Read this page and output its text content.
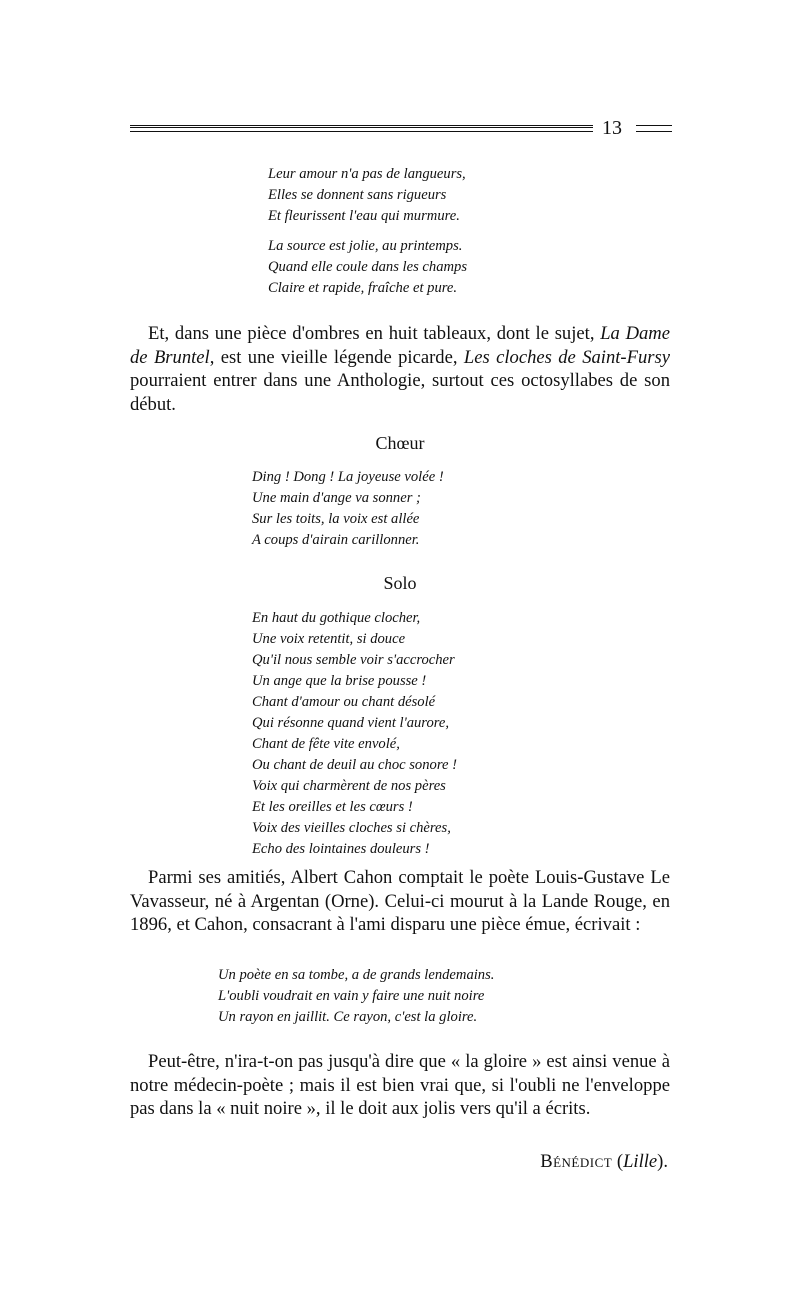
13
Leur amour n'a pas de langueurs,
Elles se donnent sans rigueurs
Et fleurissent l'eau qui murmure.
La source est jolie, au printemps.
Quand elle coule dans les champs
Claire et rapide, fraîche et pure.

Et, dans une pièce d'ombres en huit tableaux, dont le sujet, La Dame de Bruntel, est une vieille légende picarde, Les cloches de Saint-Fursy pourraient entrer dans une Anthologie, surtout ces octosyllabes de son début.

Chœur
Ding ! Dong ! La joyeuse volée !
Une main d'ange va sonner ;
Sur les toits, la voix est allée
A coups d'airain carillonner.
Solo
En haut du gothique clocher,
Une voix retentit, si douce
Qu'il nous semble voir s'accrocher
Un ange que la brise pousse !
Chant d'amour ou chant désolé
Qui résonne quand vient l'aurore,
Chant de fête vite envolé,
Ou chant de deuil au choc sonore !
Voix qui charmèrent de nos pères
Et les oreilles et les cœurs !
Voix des vieilles cloches si chères,
Echo des lointaines douleurs !

Parmi ses amitiés, Albert Cahon comptait le poète Louis-Gustave Le Vavasseur, né à Argentan (Orne). Celui-ci mourut à la Lande Rouge, en 1896, et Cahon, consacrant à l'ami disparu une pièce émue, écrivait :

Un poète en sa tombe, a de grands lendemains.
L'oubli voudrait en vain y faire une nuit noire
Un rayon en jaillit. Ce rayon, c'est la gloire.

Peut-être, n'ira-t-on pas jusqu'à dire que « la gloire » est ainsi venue à notre médecin-poète ; mais il est bien vrai que, si l'oubli ne l'enveloppe pas dans la « nuit noire », il le doit aux jolis vers qu'il a écrits.

Bénédict (Lille).
